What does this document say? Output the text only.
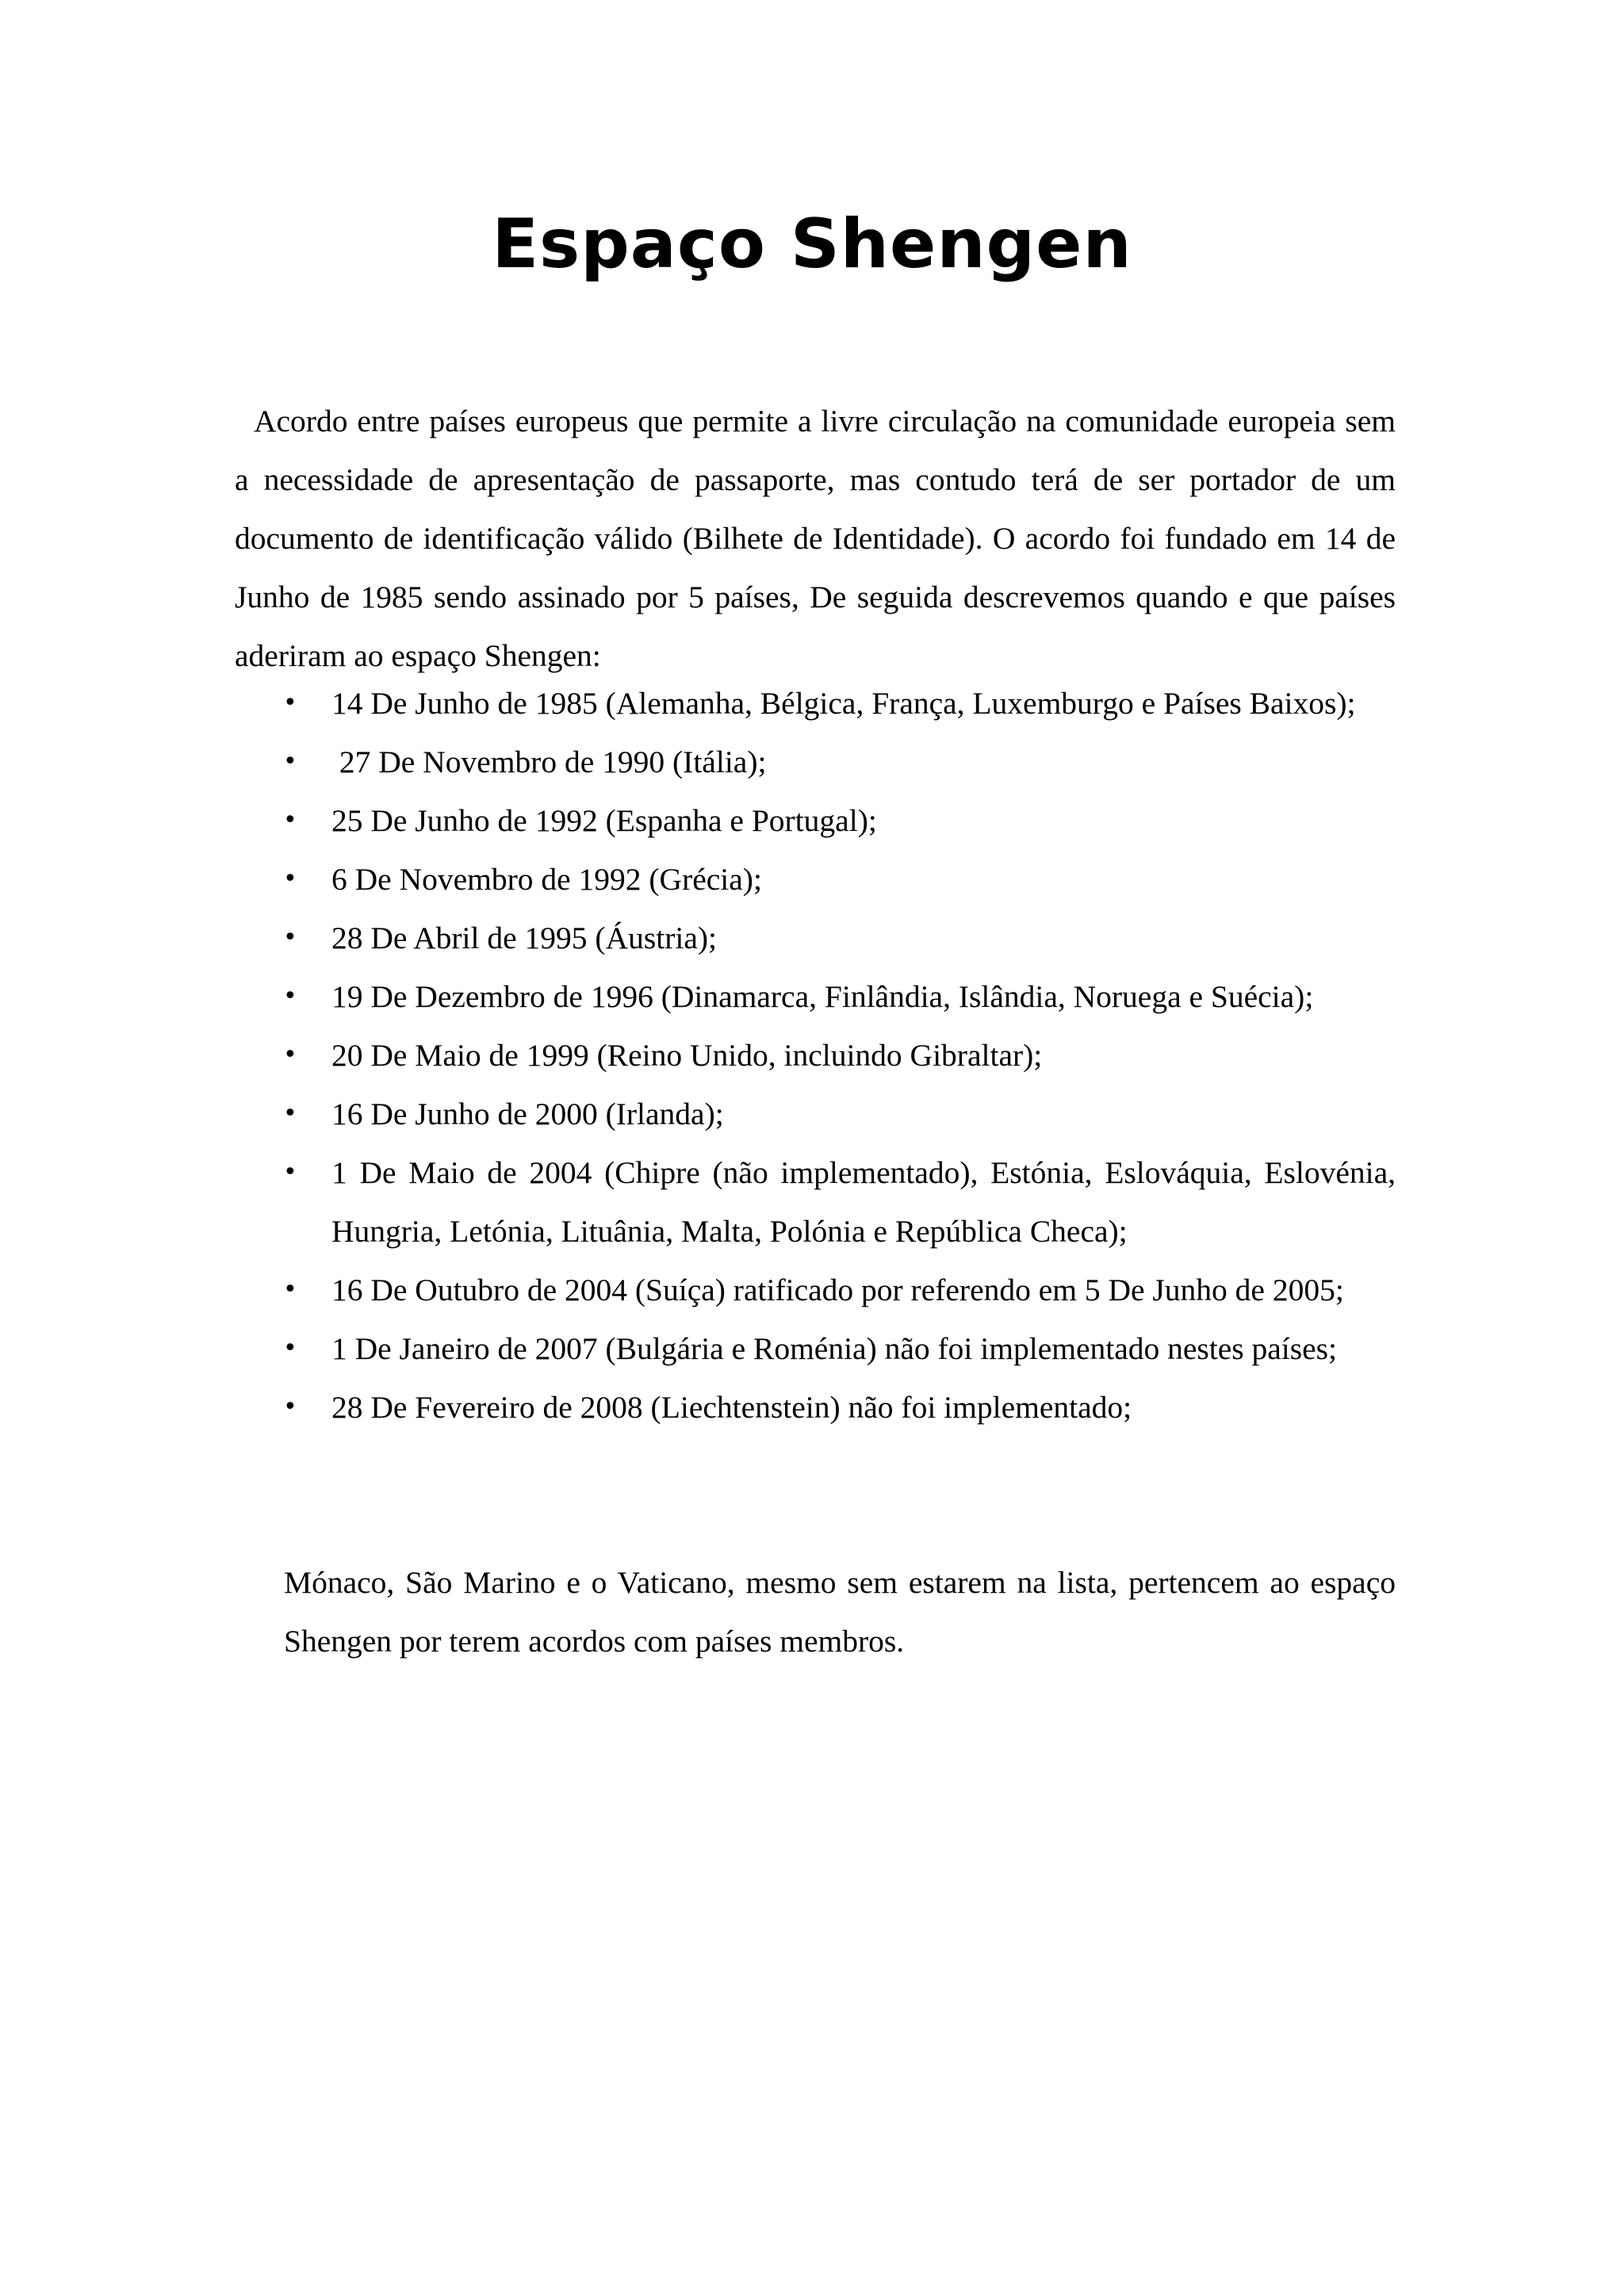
Espaço Shengen

Acordo entre países europeus que permite a livre circulação na comunidade europeia sem a necessidade de apresentação de passaporte, mas contudo terá de ser portador de um documento de identificação válido (Bilhete de Identidade). O acordo foi fundado em 14 de Junho de 1985 sendo assinado por 5 países, De seguida descrevemos quando e que países aderiram ao espaço Shengen:

•	14 De Junho de 1985 (Alemanha, Bélgica, França, Luxemburgo e Países Baixos);
•	27 De Novembro de 1990 (Itália);
•	25 De Junho de 1992 (Espanha e Portugal);
•	6 De Novembro de 1992 (Grécia);
•	28 De Abril de 1995 (Áustria);
•	19 De Dezembro de 1996 (Dinamarca, Finlândia, Islândia, Noruega e Suécia);
•	20 De Maio de 1999 (Reino Unido, incluindo Gibraltar);
•	16 De Junho de 2000 (Irlanda);
•	1 De Maio de 2004 (Chipre (não implementado), Estónia, Eslováquia, Eslovénia, Hungria, Letónia, Lituânia, Malta, Polónia e República Checa);
•	16 De Outubro de 2004 (Suíça) ratificado por referendo em 5 De Junho de 2005;
•	1 De Janeiro de 2007 (Bulgária e Roménia) não foi implementado nestes países;
•	28 De Fevereiro de 2008 (Liechtenstein) não foi implementado;

Mónaco, São Marino e o Vaticano, mesmo sem estarem na lista, pertencem ao espaço Shengen por terem acordos com países membros.
